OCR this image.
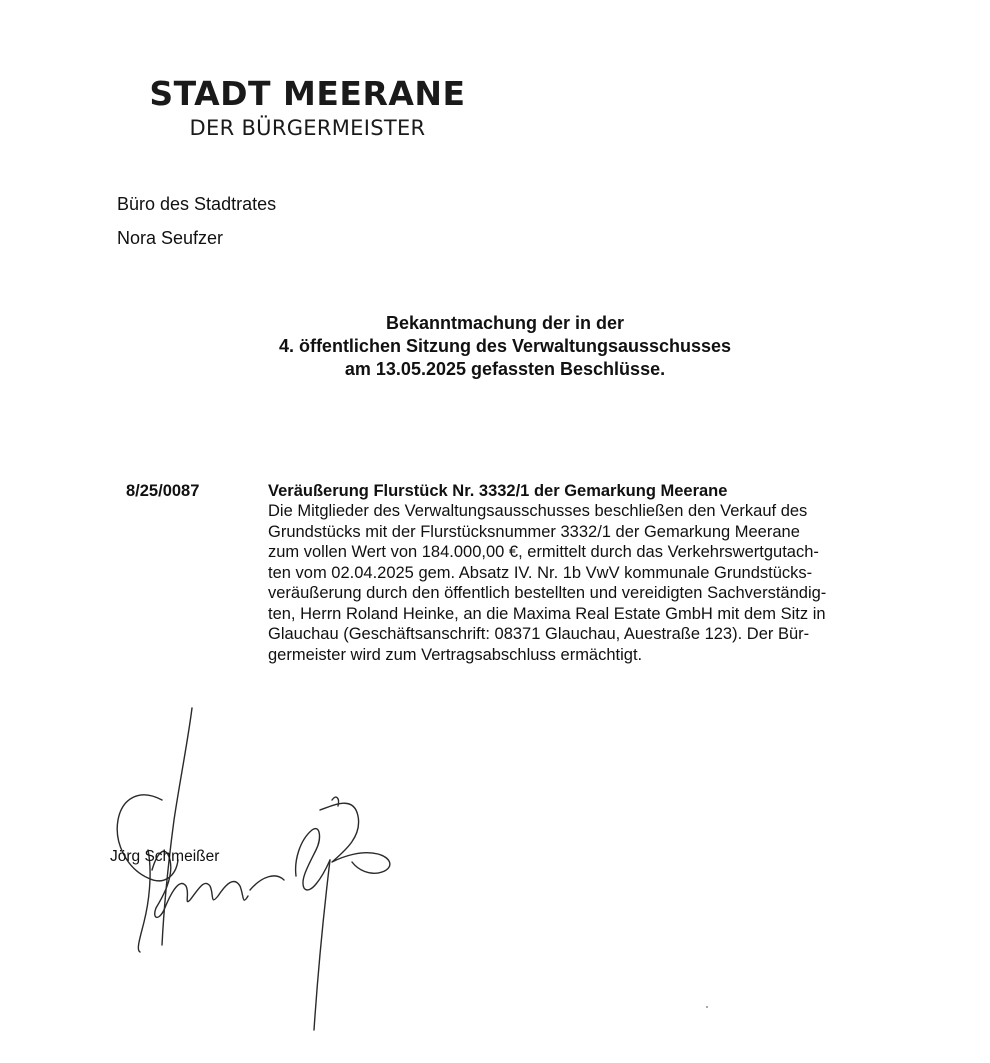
STADT MEERANE
DER BÜRGERMEISTER
Büro des Stadtrates
Nora Seufzer
Bekanntmachung der in der
4. öffentlichen Sitzung des Verwaltungsausschusses
am 13.05.2025 gefassten Beschlüsse.
8/25/0087	Veräußerung Flurstück Nr. 3332/1 der Gemarkung Meerane
Die Mitglieder des Verwaltungsausschusses beschließen den Verkauf des
Grundstücks mit der Flurstücksnummer 3332/1 der Gemarkung Meerane
zum vollen Wert von 184.000,00 €, ermittelt durch das Verkehrswertgutach-
ten vom 02.04.2025 gem. Absatz IV. Nr. 1b VwV kommunale Grundstücks-
veräußerung durch den öffentlich bestellten und vereidigten Sachverständig-
ten, Herrn Roland Heinke, an die Maxima Real Estate GmbH mit dem Sitz in
Glauchau (Geschäftsanschrift: 08371 Glauchau, Auestraße 123). Der Bür-
germeister wird zum Vertragsabschluss ermächtigt.
Jörg Schmeißer
